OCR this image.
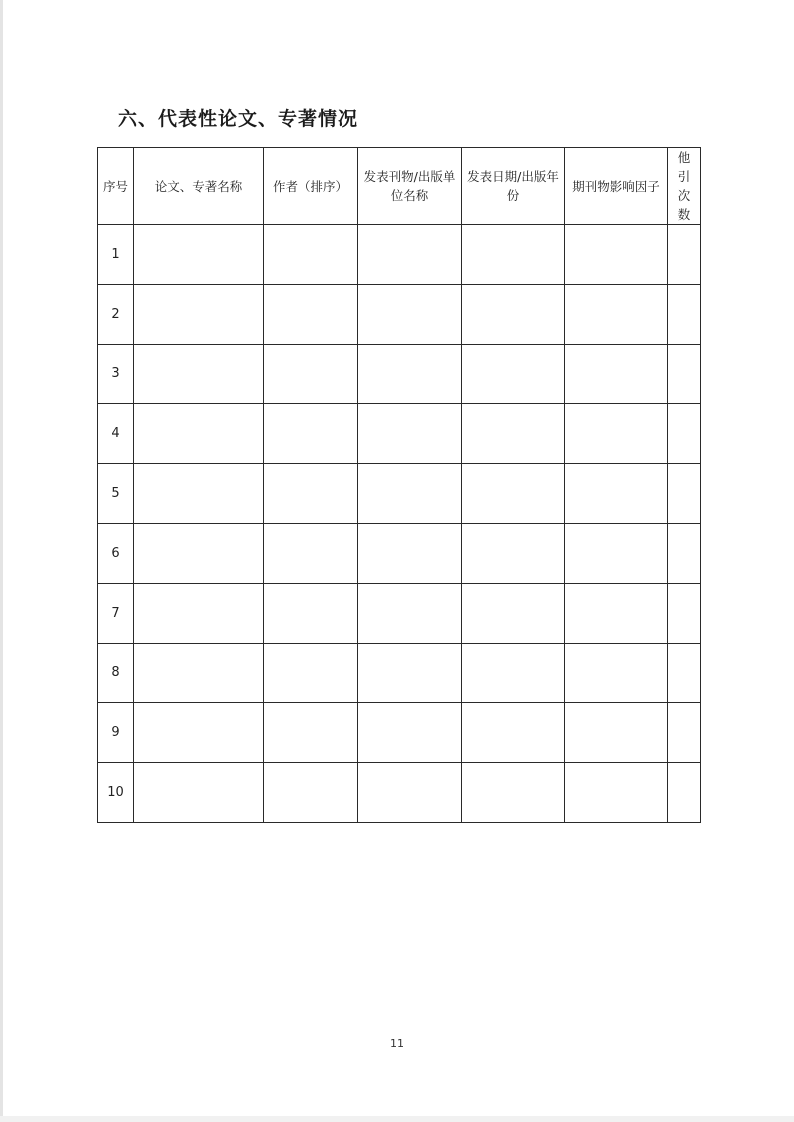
六、代表性论文、专著情况
序号	论文、专著名称	作者（排序）	发表刊物/出版单位名称	发表日期/出版年份	期刊物影响因子	他引次数
1						
2						
3						
4						
5						
6						
7						
8						
9						
10						
11
